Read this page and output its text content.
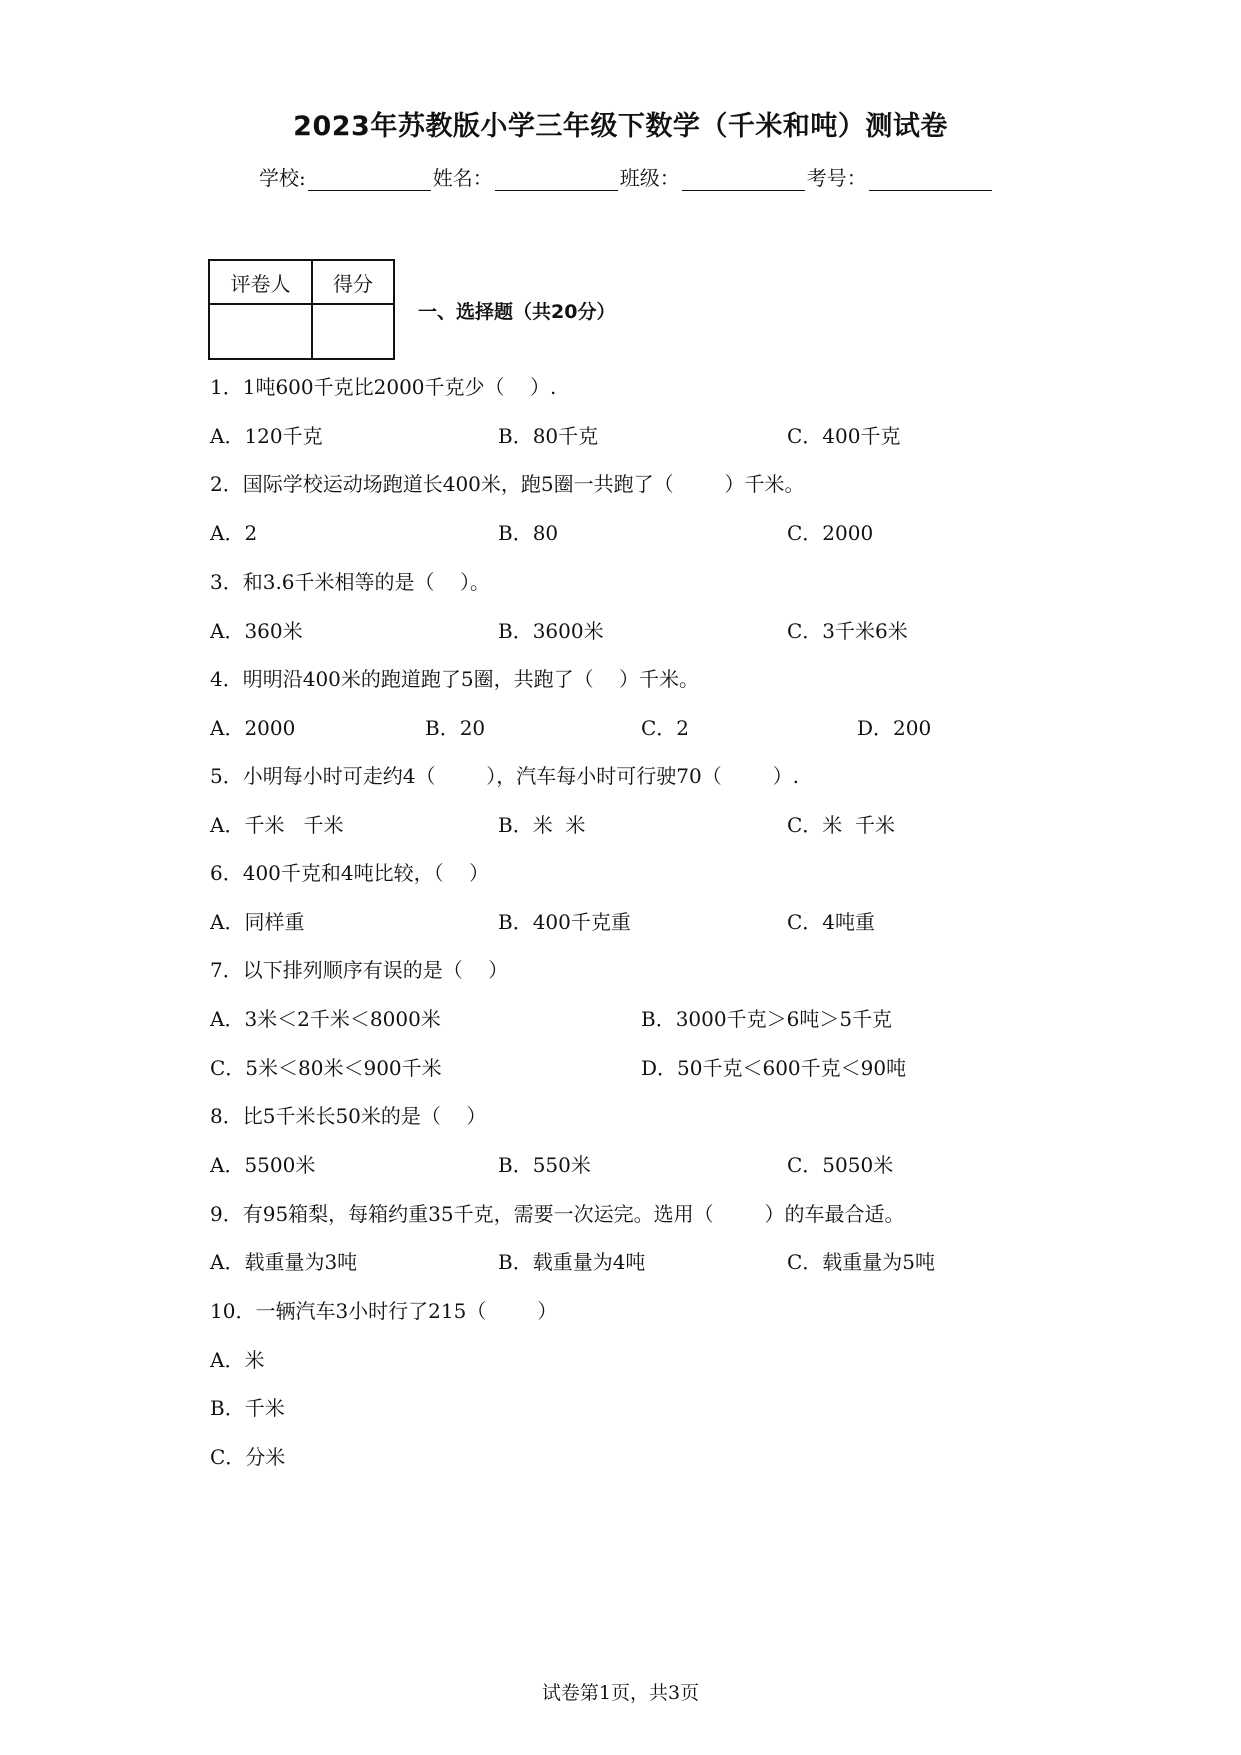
2023年苏教版小学三年级下数学（千米和吨）测试卷
学校:	姓名：	班级：	考号：
评卷人	得分

一、选择题（共20分）
1．1吨600千克比2000千克少（    ）.
A．120千克	B．80千克	C．400千克
2．国际学校运动场跑道长400米，跑5圈一共跑了（        ）千米。
A．2	B．80	C．2000
3．和3.6千米相等的是（    ）。
A．360米	B．3600米	C．3千米6米
4．明明沿400米的跑道跑了5圈，共跑了（    ）千米。
A．2000	B．20	C．2	D．200
5．小明每小时可走约4（        ），汽车每小时可行驶70（        ）.
A．千米   千米	B．米  米	C．米  千米
6．400千克和4吨比较，（    ）
A．同样重	B．400千克重	C．4吨重
7．以下排列顺序有误的是（    ）
A．3米＜2千米＜8000米	B．3000千克＞6吨＞5千克
C．5米＜80米＜900千米	D．50千克＜600千克＜90吨
8．比5千米长50米的是（    ）
A．5500米	B．550米	C．5050米
9．有95箱梨，每箱约重35千克，需要一次运完。选用（        ）的车最合适。
A．载重量为3吨	B．载重量为4吨	C．载重量为5吨
10．一辆汽车3小时行了215（        ）
A．米
B．千米
C．分米
试卷第1页，共3页
